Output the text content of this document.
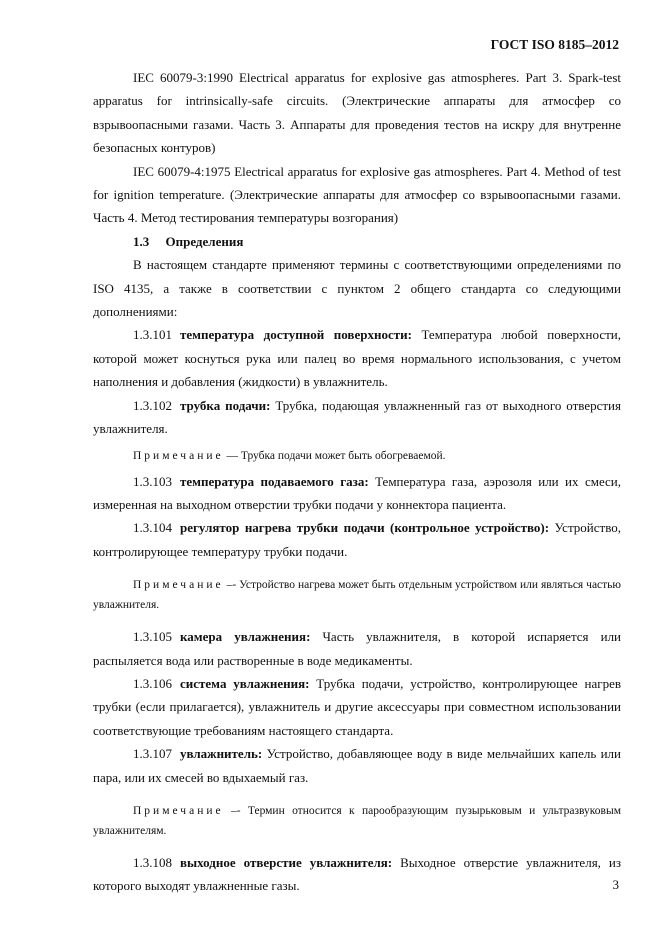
ГОСТ ISO 8185–2012

IEC 60079-3:1990 Electrical apparatus for explosive gas atmospheres. Part 3. Spark-test apparatus for intrinsically-safe circuits. (Электрические аппараты для атмосфер со взрывоопасными газами. Часть 3. Аппараты для проведения тестов на искру для внутренне безопасных контуров)

IEC 60079-4:1975 Electrical apparatus for explosive gas atmospheres. Part 4. Method of test for ignition temperature. (Электрические аппараты для атмосфер со взрывоопасными газами. Часть 4. Метод тестирования температуры возгорания)

1.3 Определения

В настоящем стандарте применяют термины с соответствующими определениями по ISO 4135, а также в соответствии с пунктом 2 общего стандарта со следующими дополнениями:

1.3.101 температура доступной поверхности: Температура любой поверхности, которой может коснуться рука или палец во время нормального использования, с учетом наполнения и добавления (жидкости) в увлажнитель.

1.3.102 трубка подачи: Трубка, подающая увлажненный газ от выходного отверстия увлажнителя.

Примечание — Трубка подачи может быть обогреваемой.

1.3.103 температура подаваемого газа: Температура газа, аэрозоля или их смеси, измеренная на выходном отверстии трубки подачи у коннектора пациента.

1.3.104 регулятор нагрева трубки подачи (контрольное устройство): Устройство, контролирующее температуру трубки подачи.

Примечание –- Устройство нагрева может быть отдельным устройством или являться частью увлажнителя.

1.3.105 камера увлажнения: Часть увлажнителя, в которой испаряется или распыляется вода или растворенные в воде медикаменты.

1.3.106 система увлажнения: Трубка подачи, устройство, контролирующее нагрев трубки (если прилагается), увлажнитель и другие аксессуары при совместном использовании соответствующие требованиям настоящего стандарта.

1.3.107 увлажнитель: Устройство, добавляющее воду в виде мельчайших капель или пара, или их смесей во вдыхаемый газ.

Примечание –- Термин относится к парообразующим пузырьковым и ультразвуковым увлажнителям.

1.3.108 выходное отверстие увлажнителя: Выходное отверстие увлажнителя, из которого выходят увлажненные газы.	3
